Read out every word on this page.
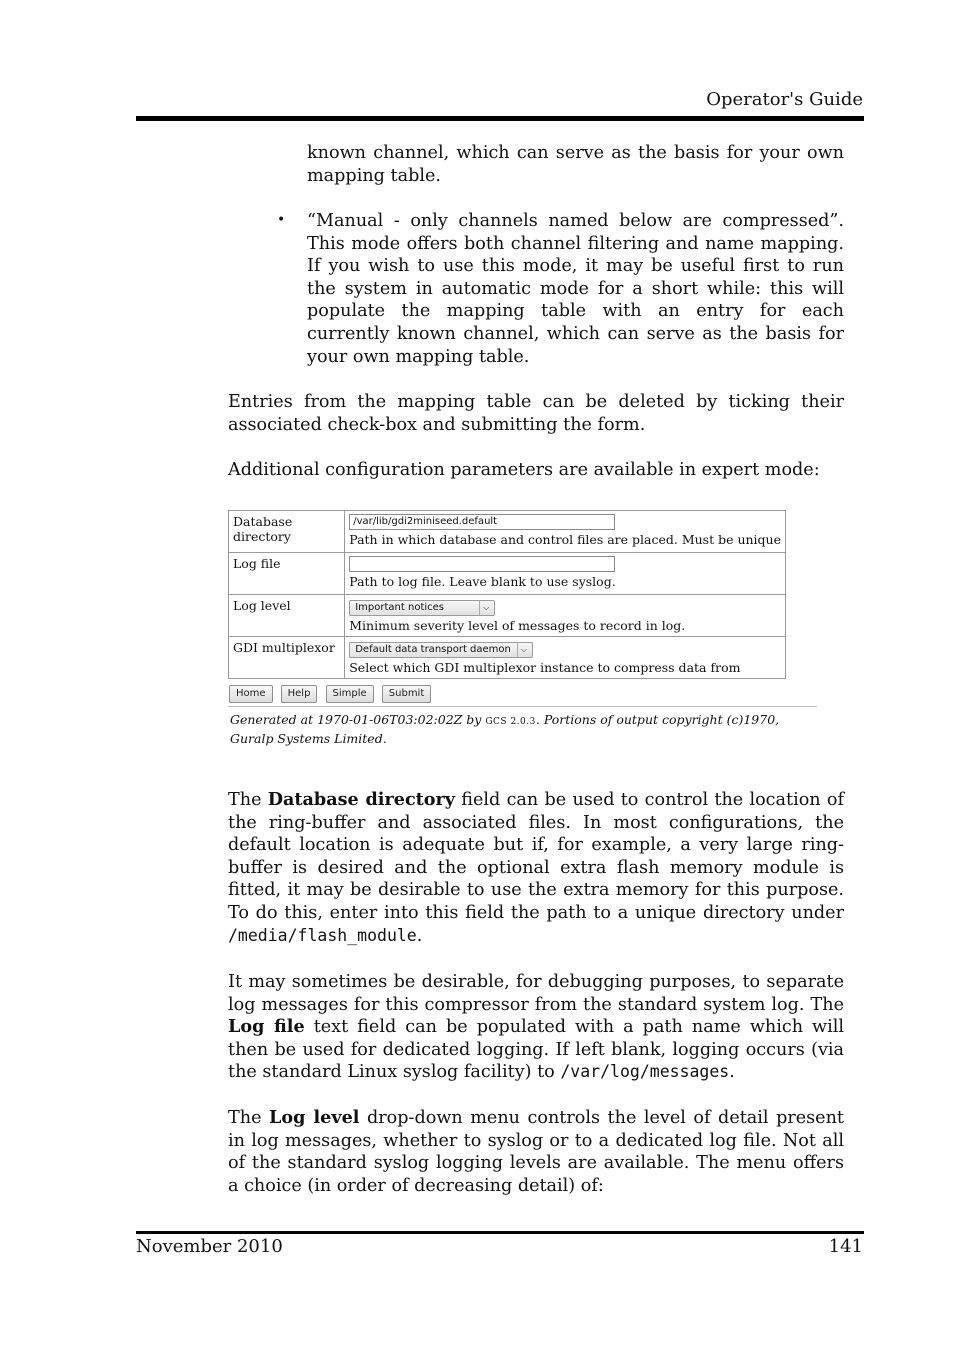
Operator's Guide
known channel, which can serve as the basis for your own mapping table.
• “Manual - only channels named below are compressed”. This mode offers both channel filtering and name mapping. If you wish to use this mode, it may be useful first to run the system in automatic mode for a short while: this will populate the mapping table with an entry for each currently known channel, which can serve as the basis for your own mapping table.
Entries from the mapping table can be deleted by ticking their associated check-box and submitting the form.
Additional configuration parameters are available in expert mode:
Database directory	/var/lib/gdi2miniseed.default
Path in which database and control files are placed. Must be unique

Log file	Path to log file. Leave blank to use syslog.

Log level	Important notices ⌵
Minimum severity level of messages to record in log.

GDI multiplexor	Default data transport daemon ⌵
Select which GDI multiplexor instance to compress data from
Home Help Simple Submit
Generated at 1970-01-06T03:02:02Z by GCS 2.0.3. Portions of output copyright (c)1970, Guralp Systems Limited.
The Database directory field can be used to control the location of the ring-buffer and associated files. In most configurations, the default location is adequate but if, for example, a very large ring-buffer is desired and the optional extra flash memory module is fitted, it may be desirable to use the extra memory for this purpose. To do this, enter into this field the path to a unique directory under /media/flash_module.
It may sometimes be desirable, for debugging purposes, to separate log messages for this compressor from the standard system log. The Log file text field can be populated with a path name which will then be used for dedicated logging. If left blank, logging occurs (via the standard Linux syslog facility) to /var/log/messages.
The Log level drop-down menu controls the level of detail present in log messages, whether to syslog or to a dedicated log file. Not all of the standard syslog logging levels are available. The menu offers a choice (in order of decreasing detail) of:
November 2010	141
